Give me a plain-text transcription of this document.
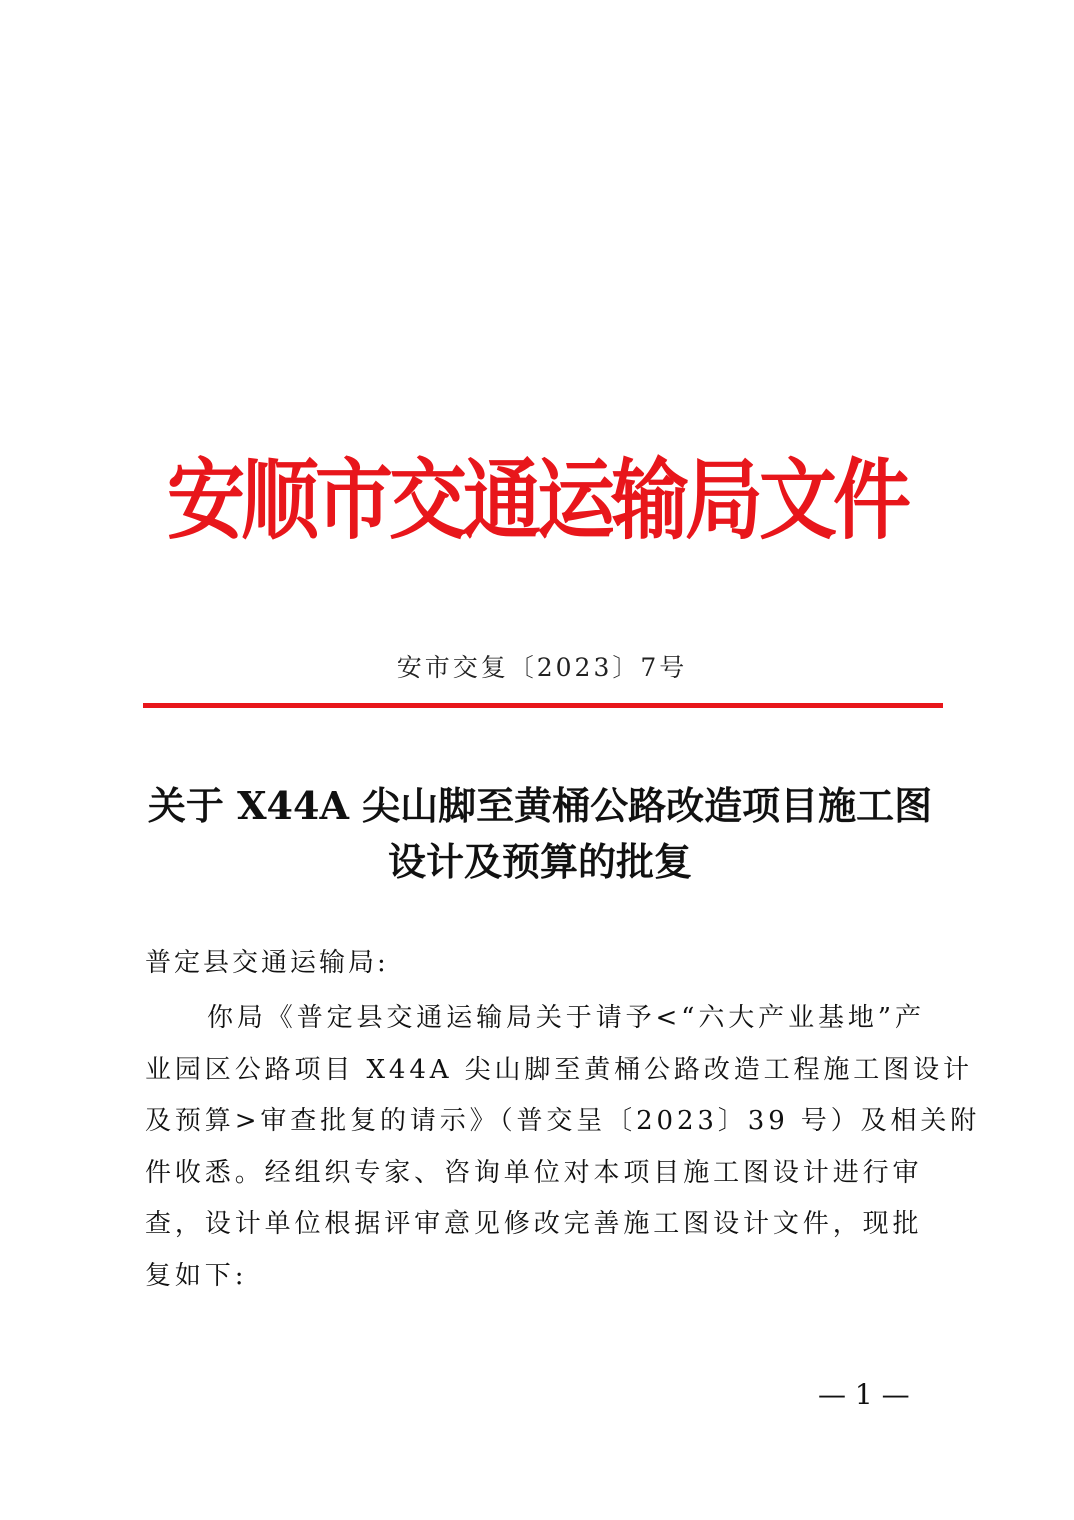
安顺市交通运输局文件
安市交复〔2023〕7号
关于 X44A 尖山脚至黄桶公路改造项目施工图
设计及预算的批复
普定县交通运输局:
你局《普定县交通运输局关于请予<“六大产业基地”产
业园区公路项目 X44A 尖山脚至黄桶公路改造工程施工图设计
及预算>审查批复的请示》（普交呈〔2023〕39 号）及相关附
件收悉。经组织专家、咨询单位对本项目施工图设计进行审
查，设计单位根据评审意见修改完善施工图设计文件，现批
复如下:
— 1 —
